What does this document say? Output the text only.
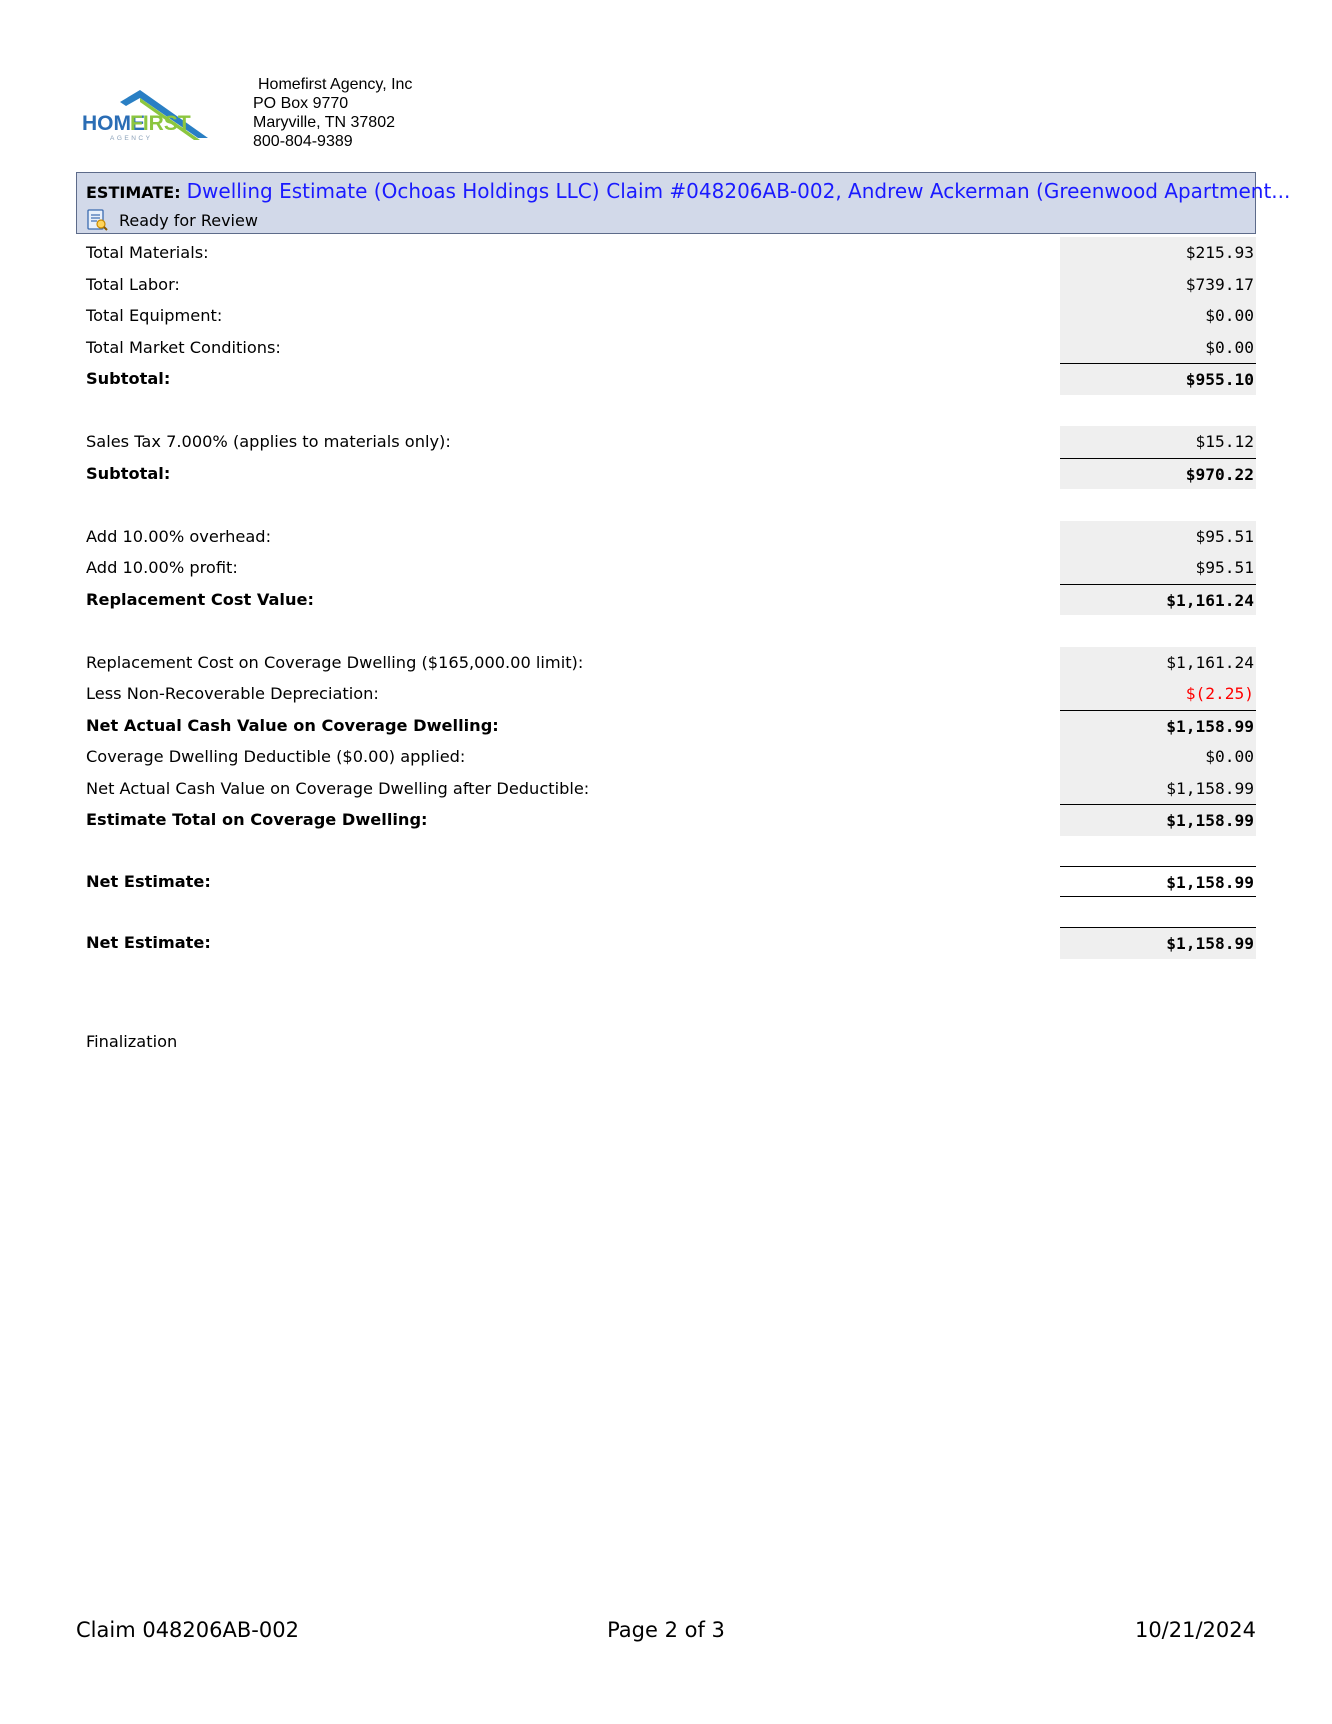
HOME
FIRST
AGENCY
Homefirst Agency, Inc
PO Box 9770
Maryville, TN 37802
800-804-9389
ESTIMATE: Dwelling Estimate (Ochoas Holdings LLC) Claim #048206AB-002, Andrew Ackerman (Greenwood Apartment...
Ready for Review
Total Materials:	$215.93
Total Labor:	$739.17
Total Equipment:	$0.00
Total Market Conditions:	$0.00
Subtotal:	$955.10
Sales Tax 7.000% (applies to materials only):	$15.12
Subtotal:	$970.22
Add 10.00% overhead:	$95.51
Add 10.00% profit:	$95.51
Replacement Cost Value:	$1,161.24
Replacement Cost on Coverage Dwelling ($165,000.00 limit):	$1,161.24
Less Non-Recoverable Depreciation:	$(2.25)
Net Actual Cash Value on Coverage Dwelling:	$1,158.99
Coverage Dwelling Deductible ($0.00) applied:	$0.00
Net Actual Cash Value on Coverage Dwelling after Deductible:	$1,158.99
Estimate Total on Coverage Dwelling:	$1,158.99
Net Estimate:	$1,158.99
Net Estimate:	$1,158.99
Finalization
Claim 048206AB-002	Page 2 of 3	10/21/2024
